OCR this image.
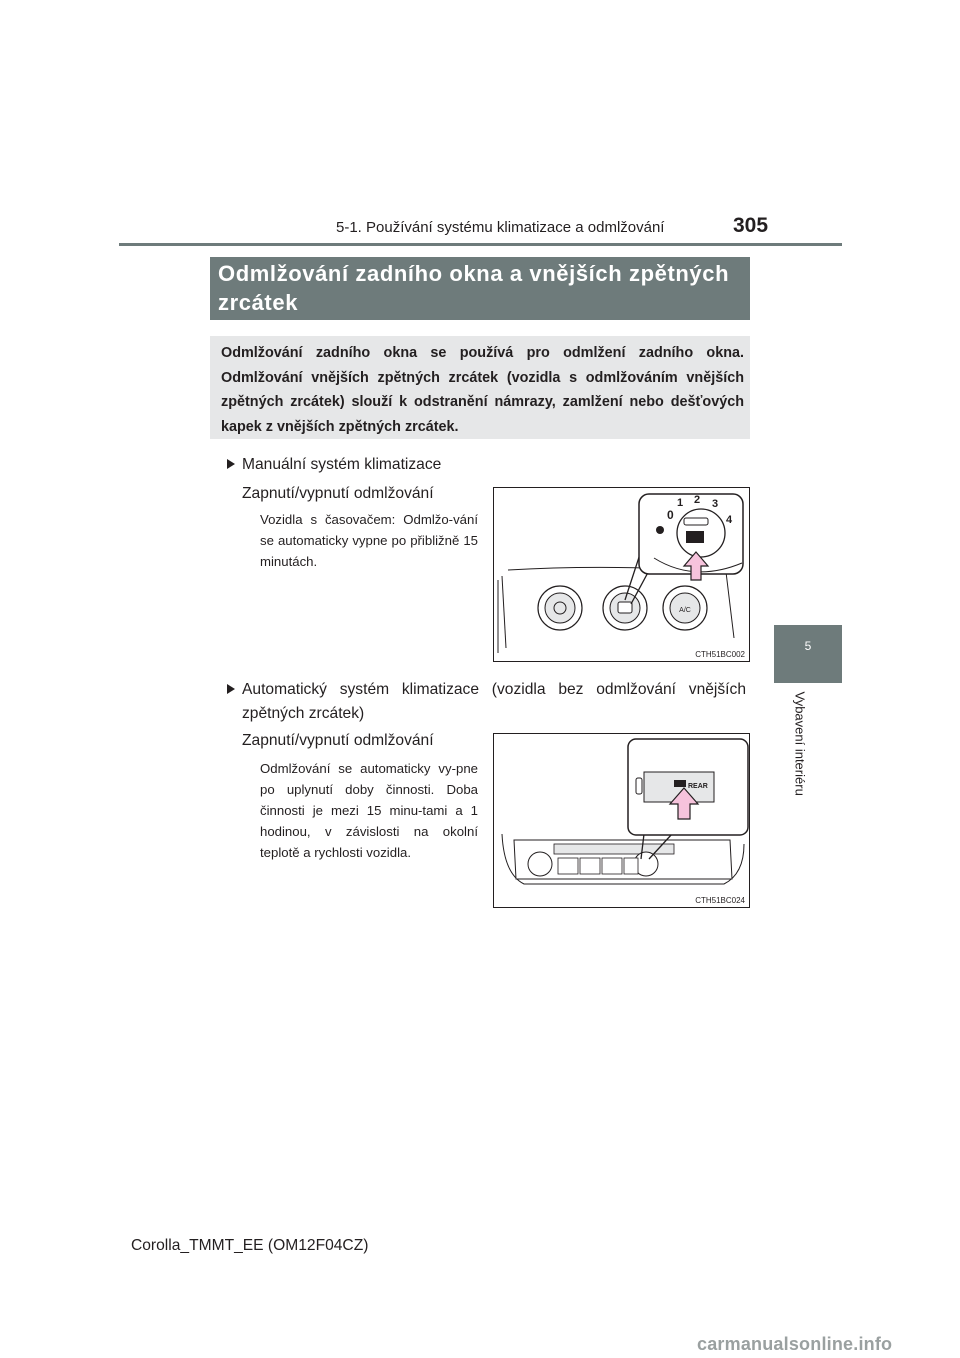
5-1. Používání systému klimatizace a odmlžování	305
5
Vybavení interiéru
Odmlžování zadního okna a vnějších zpětných zrcátek

Odmlžování zadního okna se používá pro odmlžení zadního okna. Odmlžování vnějších zpětných zrcátek (vozidla s odmlžováním vnějších zpětných zrcátek) slouží k odstranění námrazy, zamlžení nebo dešťových kapek z vnějších zpětných zrcátek.

Manuální systém klimatizace
Zapnutí/vypnutí odmlžování
Vozidla s časovačem: Odmlžo-vání se automaticky vypne po přibližně 15 minutách.
A/C
0
1 2 3
4
CTH51BC002
Automatický systém klimatizace (vozidla bez odmlžování vnějších zpětných zrcátek)
Zapnutí/vypnutí odmlžování
Odmlžování se automaticky vy-pne po uplynutí doby činnosti. Doba činnosti je mezi 15 minu-tami a 1 hodinou, v závislosti na okolní teplotě a rychlosti vozidla.
REAR
CTH51BC024
Corolla_TMMT_EE (OM12F04CZ)
carmanualsonline.info
